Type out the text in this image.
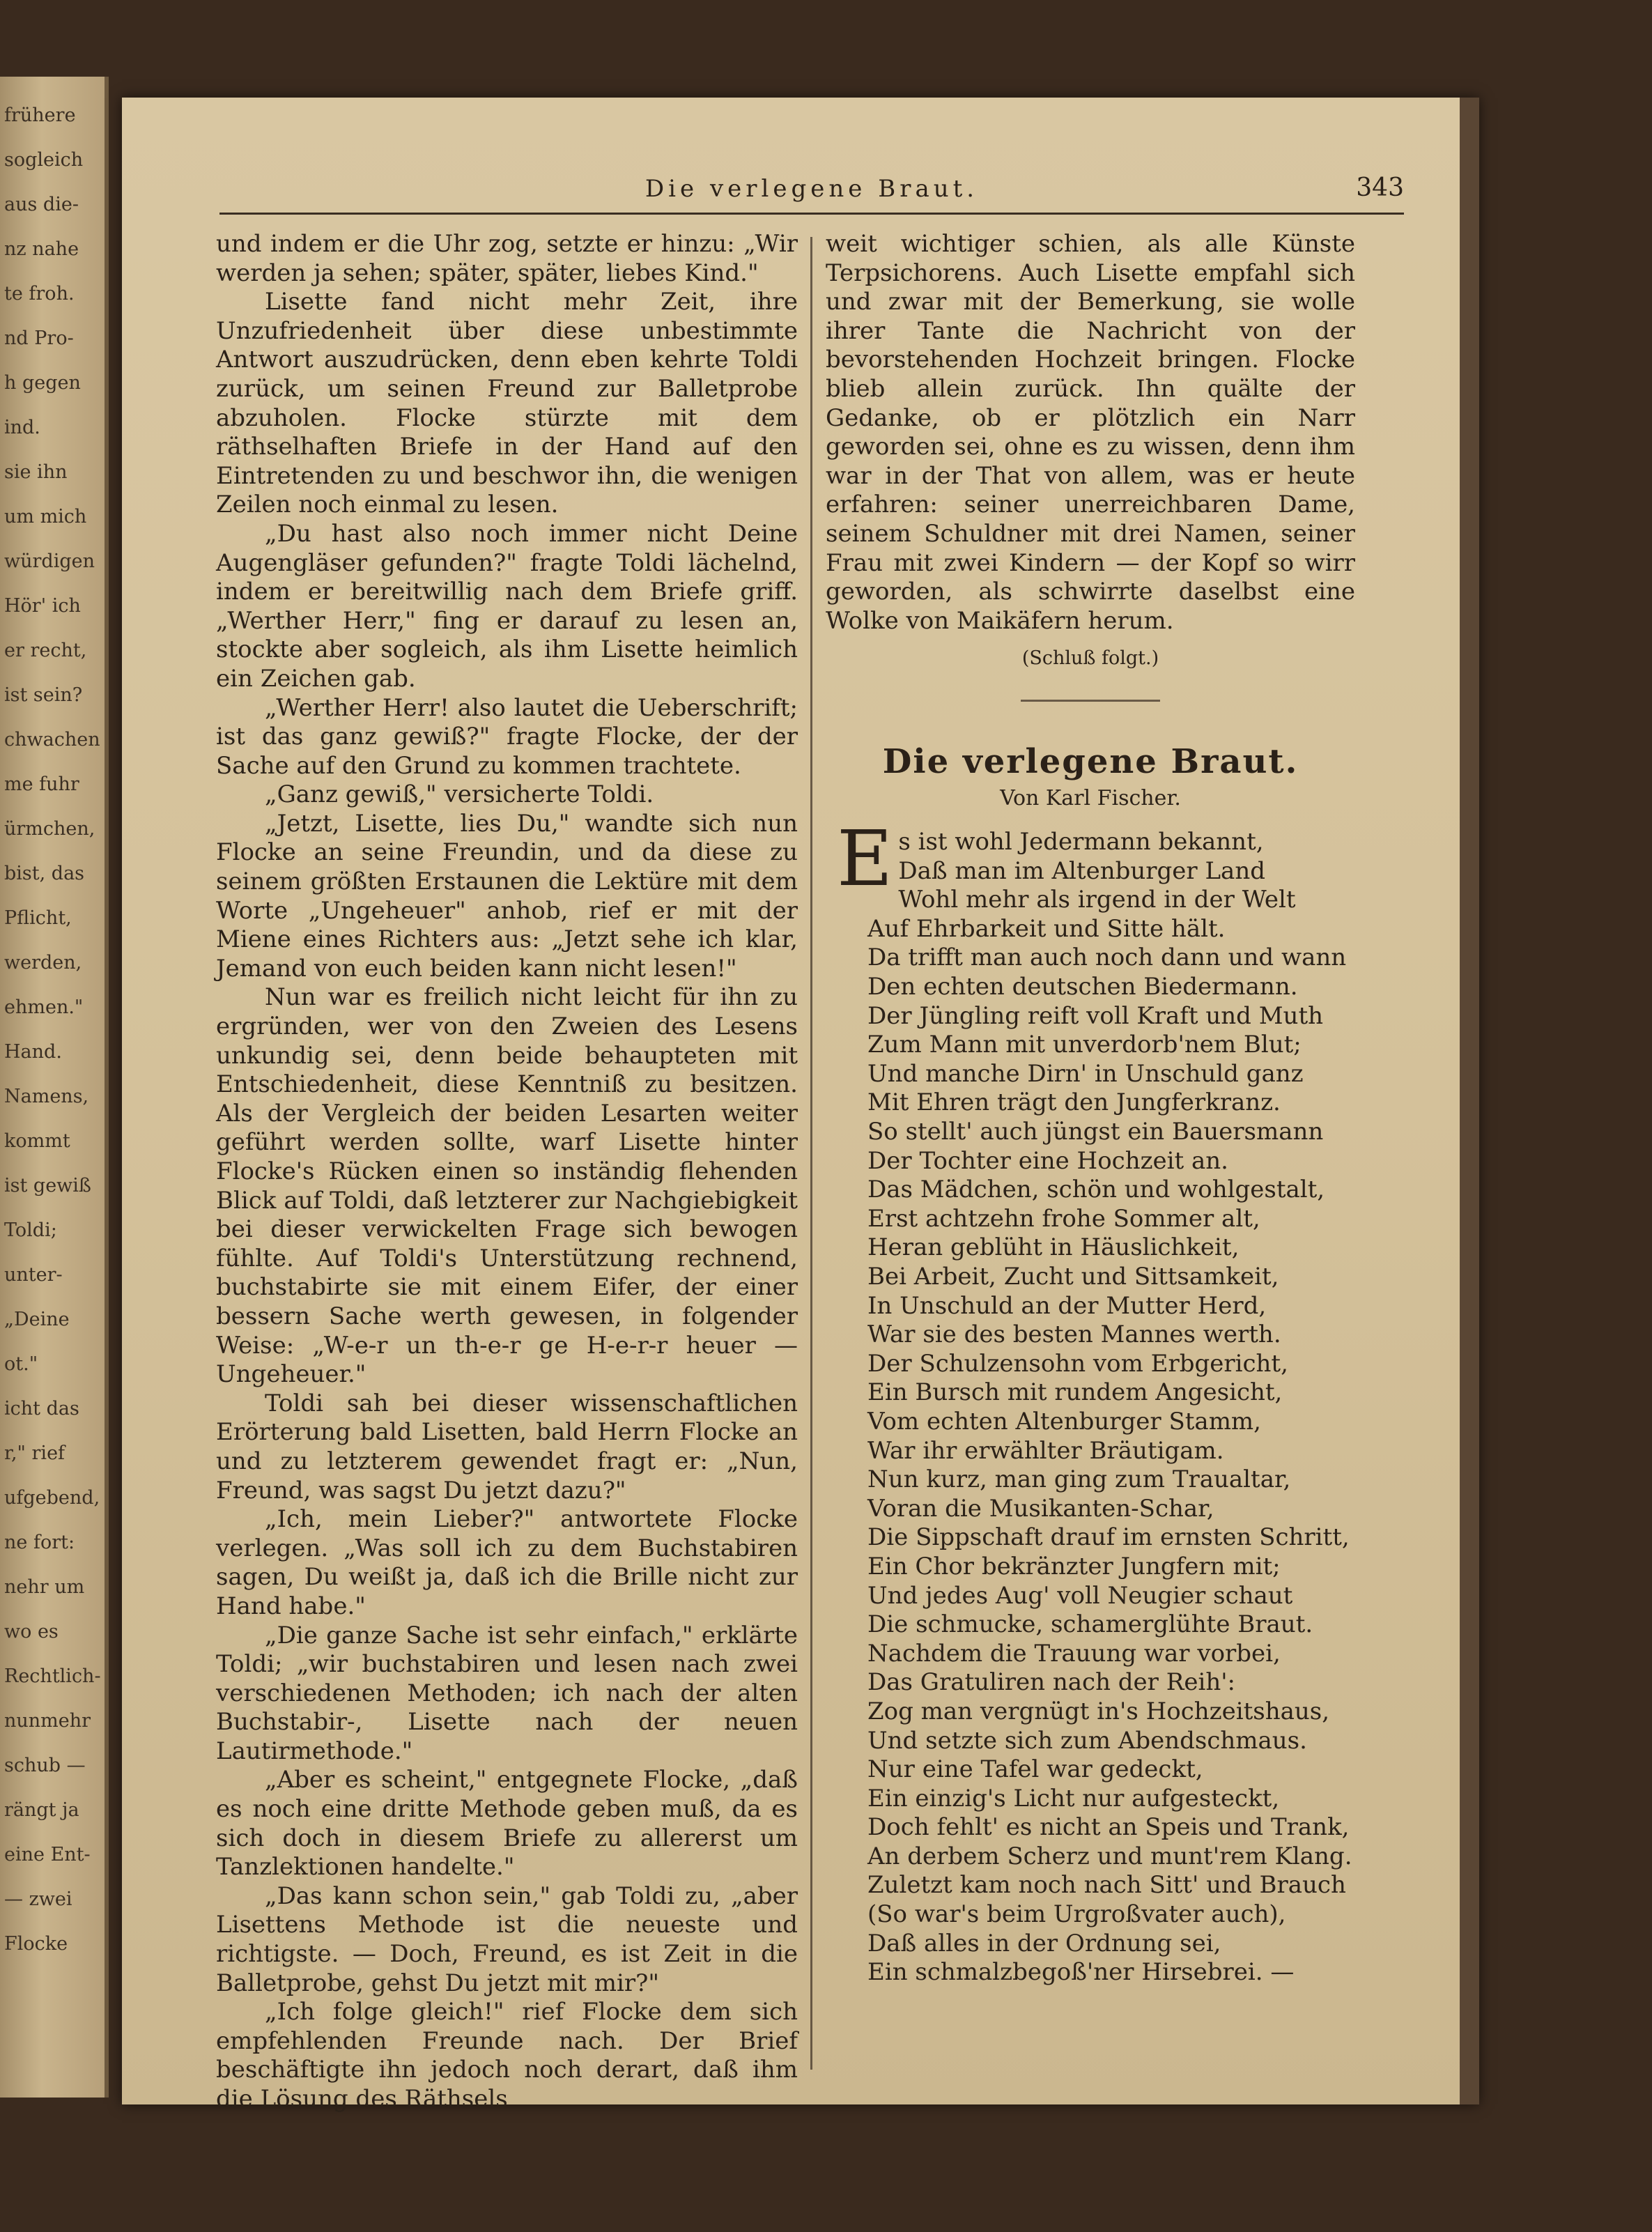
frühere
sogleich
aus die-
nz nahe
te froh.
nd Pro-
h gegen
ind.
sie ihn
um mich
würdigen
Hör' ich
er recht,
ist sein?
chwachen
me fuhr
ürmchen,
bist, das
Pflicht,
werden,
ehmen."
Hand.
Namens,
kommt
ist gewiß
Toldi;
unter-
„Deine
ot."
icht das
r," rief
ufgebend,
ne fort:
nehr um
wo es
Rechtlich-
nunmehr
schub —
rängt ja
eine Ent-
— zwei
Flocke
Die verlegene Braut.	343

und indem er die Uhr zog, setzte er hinzu: „Wir werden ja sehen; später, später, liebes Kind."

Lisette fand nicht mehr Zeit, ihre Unzufriedenheit über diese unbestimmte Antwort auszudrücken, denn eben kehrte Toldi zurück, um seinen Freund zur Balletprobe abzuholen. Flocke stürzte mit dem räthselhaften Briefe in der Hand auf den Eintretenden zu und beschwor ihn, die wenigen Zeilen noch einmal zu lesen.

„Du hast also noch immer nicht Deine Augengläser gefunden?" fragte Toldi lächelnd, indem er bereitwillig nach dem Briefe griff. „Werther Herr," fing er darauf zu lesen an, stockte aber sogleich, als ihm Lisette heimlich ein Zeichen gab.

„Werther Herr! also lautet die Ueberschrift; ist das ganz gewiß?" fragte Flocke, der der Sache auf den Grund zu kommen trachtete.

„Ganz gewiß," versicherte Toldi.

„Jetzt, Lisette, lies Du," wandte sich nun Flocke an seine Freundin, und da diese zu seinem größten Erstaunen die Lektüre mit dem Worte „Ungeheuer" anhob, rief er mit der Miene eines Richters aus: „Jetzt sehe ich klar, Jemand von euch beiden kann nicht lesen!"

Nun war es freilich nicht leicht für ihn zu ergründen, wer von den Zweien des Lesens unkundig sei, denn beide behaupteten mit Entschiedenheit, diese Kenntniß zu besitzen. Als der Vergleich der beiden Lesarten weiter geführt werden sollte, warf Lisette hinter Flocke's Rücken einen so inständig flehenden Blick auf Toldi, daß letzterer zur Nachgiebigkeit bei dieser verwickelten Frage sich bewogen fühlte. Auf Toldi's Unterstützung rechnend, buchstabirte sie mit einem Eifer, der einer bessern Sache werth gewesen, in folgender Weise: „W-e-r un th-e-r ge H-e-r-r heuer — Ungeheuer."

Toldi sah bei dieser wissenschaftlichen Erörterung bald Lisetten, bald Herrn Flocke an und zu letzterem gewendet fragt er: „Nun, Freund, was sagst Du jetzt dazu?"

„Ich, mein Lieber?" antwortete Flocke verlegen. „Was soll ich zu dem Buchstabiren sagen, Du weißt ja, daß ich die Brille nicht zur Hand habe."

„Die ganze Sache ist sehr einfach," erklärte Toldi; „wir buchstabiren und lesen nach zwei verschiedenen Methoden; ich nach der alten Buchstabir-, Lisette nach der neuen Lautirmethode."

„Aber es scheint," entgegnete Flocke, „daß es noch eine dritte Methode geben muß, da es sich doch in diesem Briefe zu allererst um Tanzlektionen handelte."

„Das kann schon sein," gab Toldi zu, „aber Lisettens Methode ist die neueste und richtigste. — Doch, Freund, es ist Zeit in die Balletprobe, gehst Du jetzt mit mir?"

„Ich folge gleich!" rief Flocke dem sich empfehlenden Freunde nach. Der Brief beschäftigte ihn jedoch noch derart, daß ihm die Lösung des Räthsels

weit wichtiger schien, als alle Künste Terpsichorens. Auch Lisette empfahl sich und zwar mit der Bemerkung, sie wolle ihrer Tante die Nachricht von der bevorstehenden Hochzeit bringen. Flocke blieb allein zurück. Ihn quälte der Gedanke, ob er plötzlich ein Narr geworden sei, ohne es zu wissen, denn ihm war in der That von allem, was er heute erfahren: seiner unerreichbaren Dame, seinem Schuldner mit drei Namen, seiner Frau mit zwei Kindern — der Kopf so wirr geworden, als schwirrte daselbst eine Wolke von Maikäfern herum.

(Schluß folgt.)
Die verlegene Braut.
Von Karl Fischer.
E s ist wohl Jedermann bekannt,
Daß man im Altenburger Land
Wohl mehr als irgend in der Welt
Auf Ehrbarkeit und Sitte hält.
Da trifft man auch noch dann und wann
Den echten deutschen Biedermann.
Der Jüngling reift voll Kraft und Muth
Zum Mann mit unverdorb'nem Blut;
Und manche Dirn' in Unschuld ganz
Mit Ehren trägt den Jungferkranz.
So stellt' auch jüngst ein Bauersmann
Der Tochter eine Hochzeit an.
Das Mädchen, schön und wohlgestalt,
Erst achtzehn frohe Sommer alt,
Heran geblüht in Häuslichkeit,
Bei Arbeit, Zucht und Sittsamkeit,
In Unschuld an der Mutter Herd,
War sie des besten Mannes werth.
Der Schulzensohn vom Erbgericht,
Ein Bursch mit rundem Angesicht,
Vom echten Altenburger Stamm,
War ihr erwählter Bräutigam.
Nun kurz, man ging zum Traualtar,
Voran die Musikanten-Schar,
Die Sippschaft drauf im ernsten Schritt,
Ein Chor bekränzter Jungfern mit;
Und jedes Aug' voll Neugier schaut
Die schmucke, schamerglühte Braut.
Nachdem die Trauung war vorbei,
Das Gratuliren nach der Reih':
Zog man vergnügt in's Hochzeitshaus,
Und setzte sich zum Abendschmaus.
Nur eine Tafel war gedeckt,
Ein einzig's Licht nur aufgesteckt,
Doch fehlt' es nicht an Speis und Trank,
An derbem Scherz und munt'rem Klang.
Zuletzt kam noch nach Sitt' und Brauch
(So war's beim Urgroßvater auch),
Daß alles in der Ordnung sei,
Ein schmalzbegoß'ner Hirsebrei. —
